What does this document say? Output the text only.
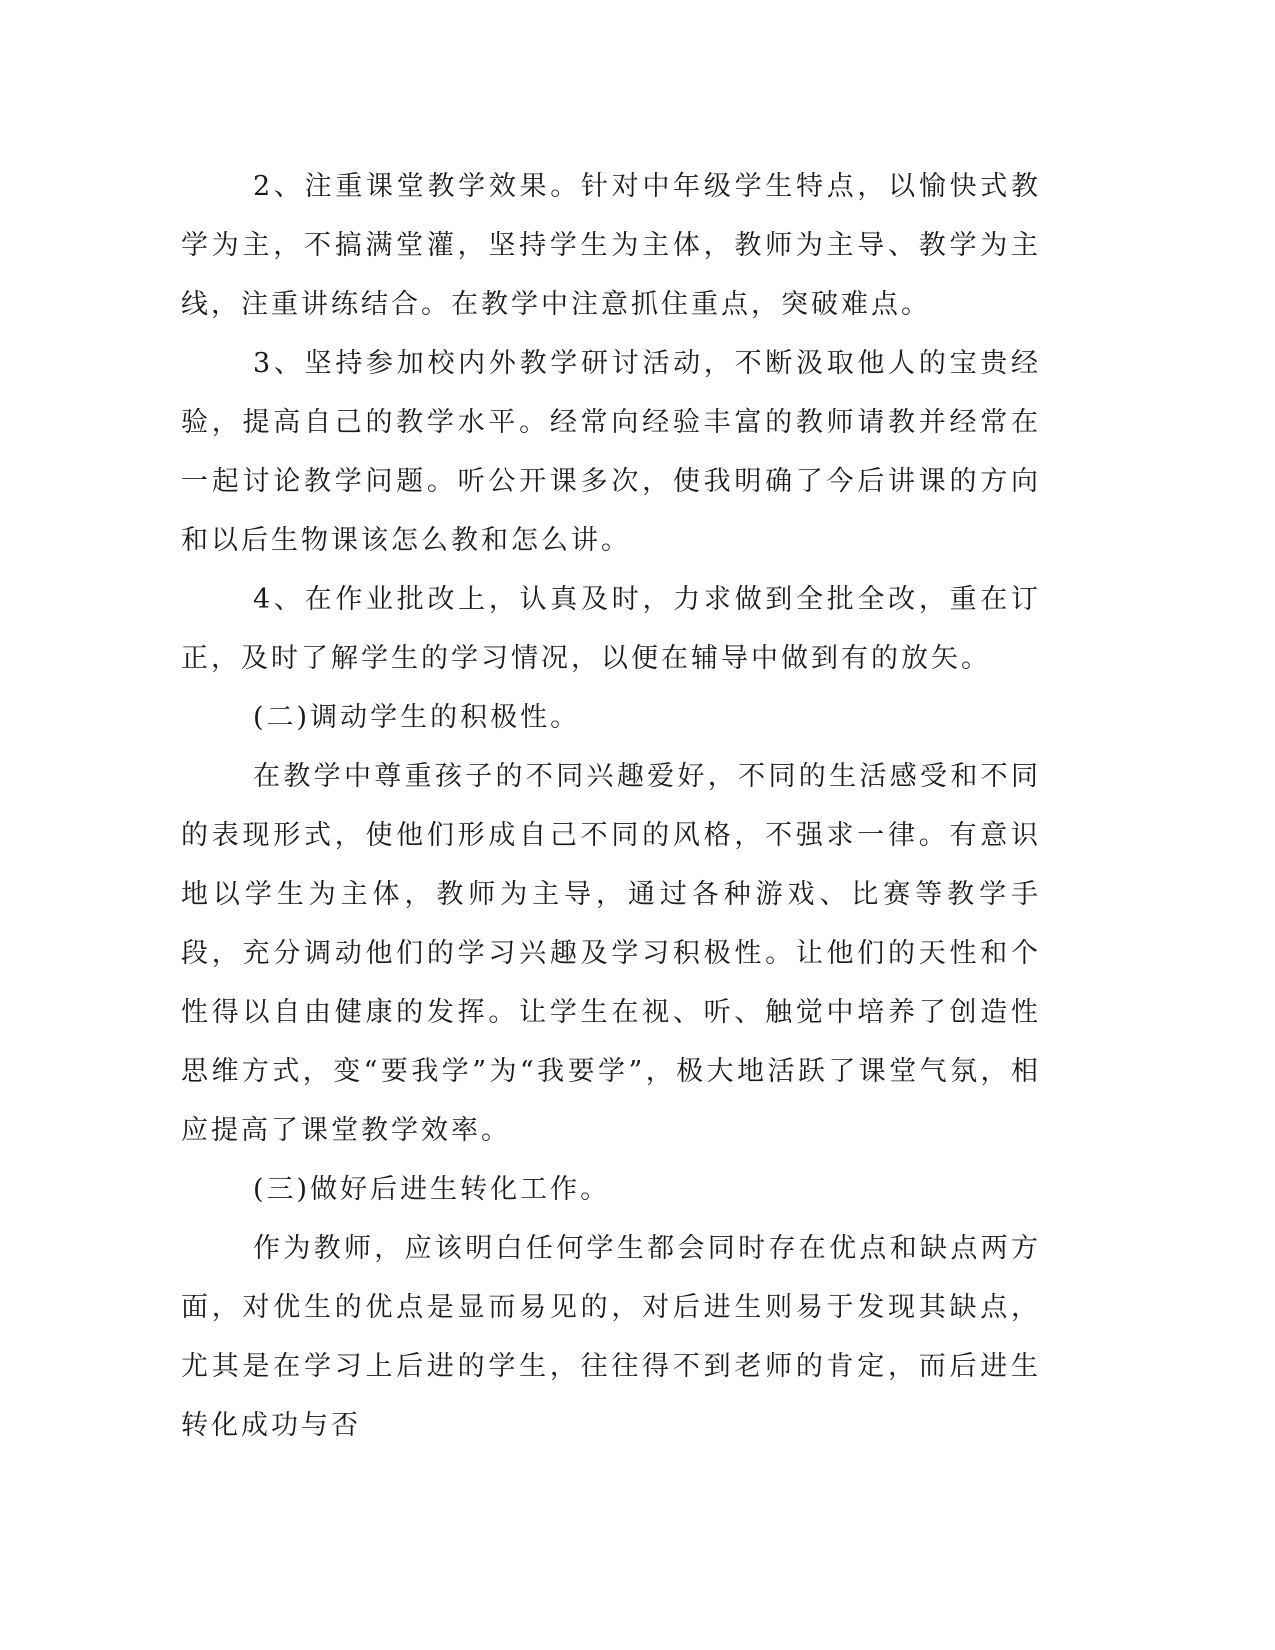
2、注重课堂教学效果。针对中年级学生特点，以愉快式教学为主，不搞满堂灌，坚持学生为主体，教师为主导、教学为主线，注重讲练结合。在教学中注意抓住重点，突破难点。

3、坚持参加校内外教学研讨活动，不断汲取他人的宝贵经验，提高自己的教学水平。经常向经验丰富的教师请教并经常在一起讨论教学问题。听公开课多次，使我明确了今后讲课的方向和以后生物课该怎么教和怎么讲。

4、在作业批改上，认真及时，力求做到全批全改，重在订正，及时了解学生的学习情况，以便在辅导中做到有的放矢。

(二)调动学生的积极性。

在教学中尊重孩子的不同兴趣爱好，不同的生活感受和不同的表现形式，使他们形成自己不同的风格，不强求一律。有意识地以学生为主体，教师为主导，通过各种游戏、比赛等教学手段，充分调动他们的学习兴趣及学习积极性。让他们的天性和个性得以自由健康的发挥。让学生在视、听、触觉中培养了创造性思维方式，变“要我学”为“我要学”，极大地活跃了课堂气氛，相应提高了课堂教学效率。

(三)做好后进生转化工作。

作为教师，应该明白任何学生都会同时存在优点和缺点两方面，对优生的优点是显而易见的，对后进生则易于发现其缺点，尤其是在学习上后进的学生，往往得不到老师的肯定，而后进生转化成功与否
